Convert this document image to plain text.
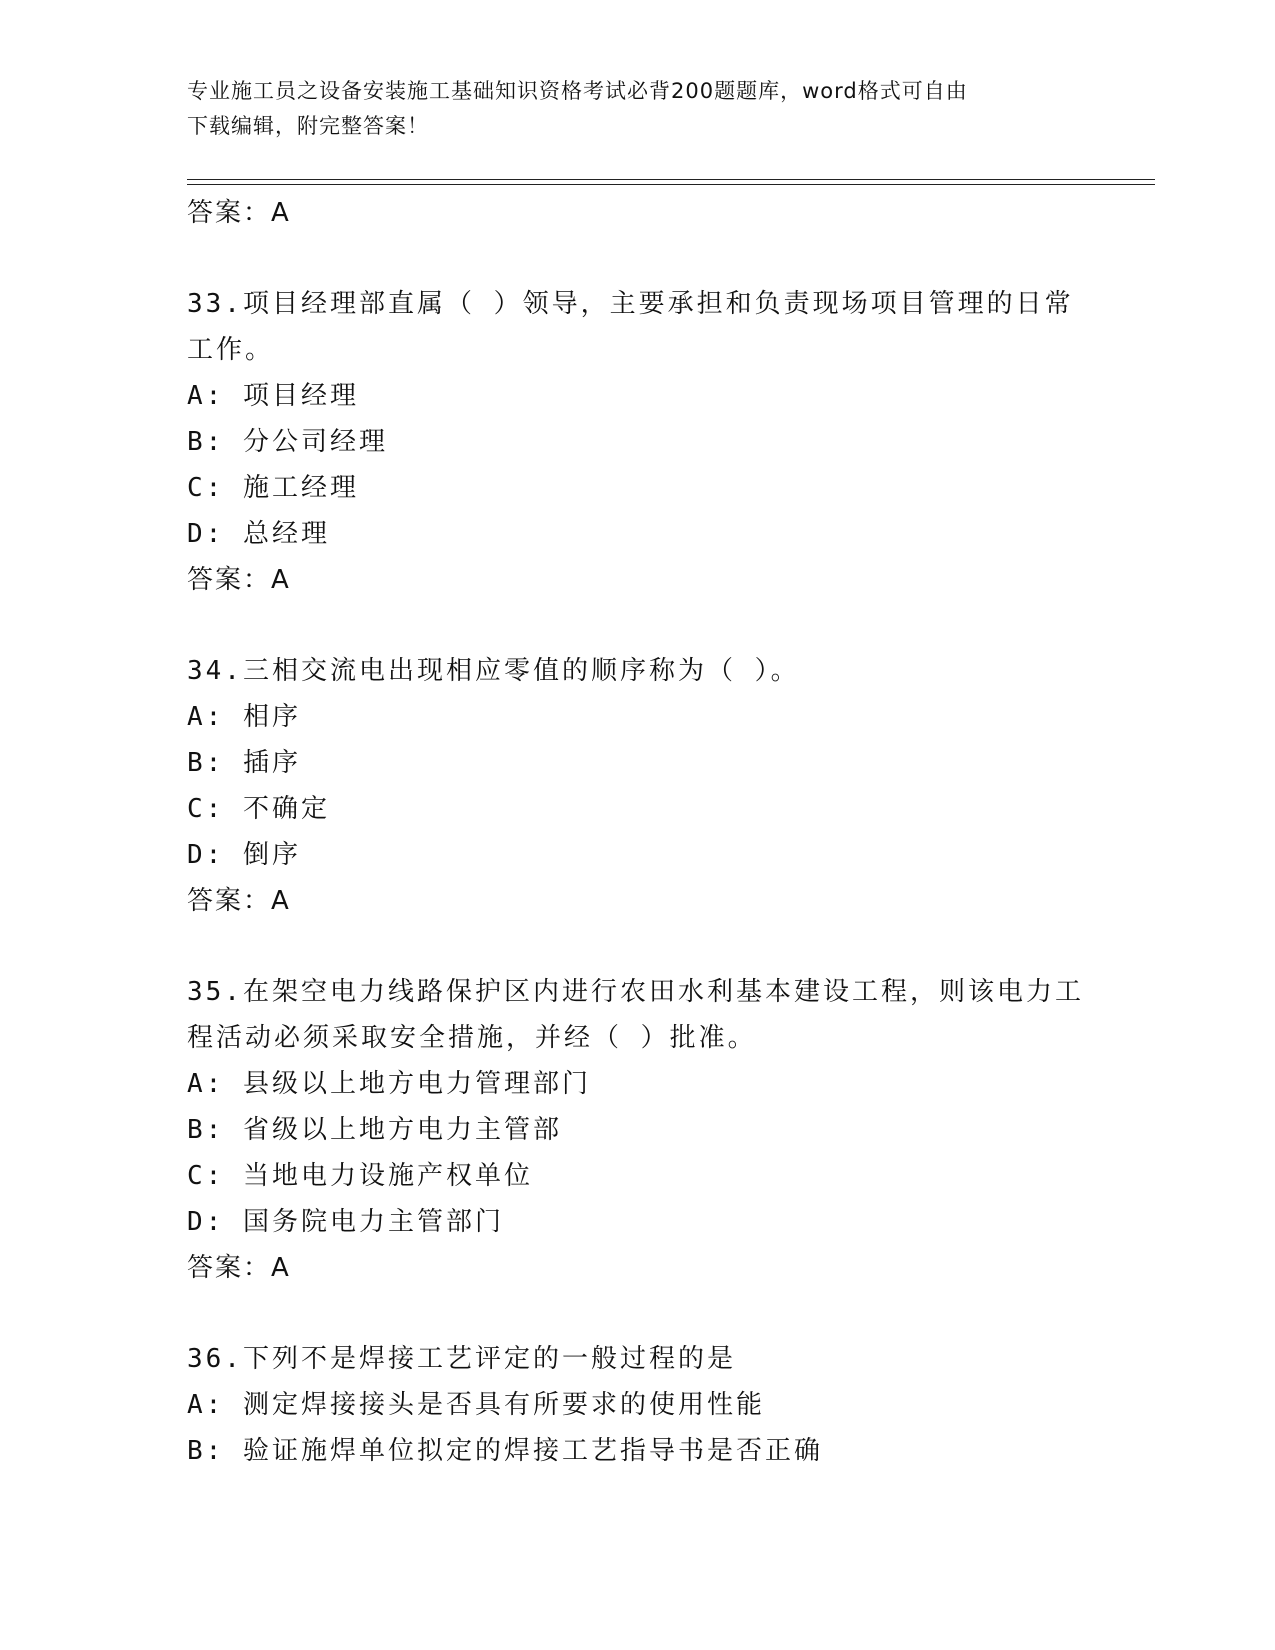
专业施工员之设备安装施工基础知识资格考试必背200题题库，word格式可自由
下载编辑，附完整答案！
答案：A
33.项目经理部直属（ ）领导，主要承担和负责现场项目管理的日常
工作。
A: 项目经理
B: 分公司经理
C: 施工经理
D: 总经理
答案：A
34.三相交流电出现相应零值的顺序称为（ ）。
A: 相序
B: 插序
C: 不确定
D: 倒序
答案：A
35.在架空电力线路保护区内进行农田水利基本建设工程，则该电力工
程活动必须采取安全措施，并经（ ）批准。
A: 县级以上地方电力管理部门
B: 省级以上地方电力主管部
C: 当地电力设施产权单位
D: 国务院电力主管部门
答案：A
36.下列不是焊接工艺评定的一般过程的是
A: 测定焊接接头是否具有所要求的使用性能
B: 验证施焊单位拟定的焊接工艺指导书是否正确
